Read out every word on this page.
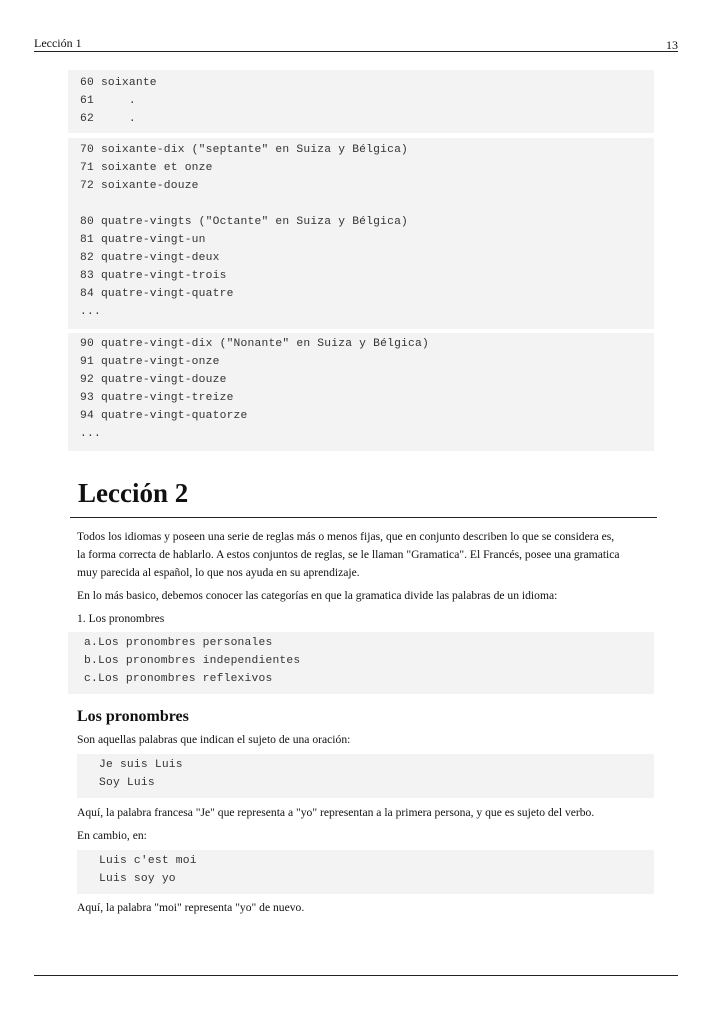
Lección 1	13
60 soixante
61     .
62     .
70 soixante-dix ("septante" en Suiza y Bélgica)
71 soixante et onze
72 soixante-douze
80 quatre-vingts ("Octante" en Suiza y Bélgica)
81 quatre-vingt-un
82 quatre-vingt-deux
83 quatre-vingt-trois
84 quatre-vingt-quatre
...
90 quatre-vingt-dix ("Nonante" en Suiza y Bélgica)
91 quatre-vingt-onze
92 quatre-vingt-douze
93 quatre-vingt-treize
94 quatre-vingt-quatorze
...
Lección 2
Todos los idiomas y poseen una serie de reglas más o menos fijas, que en conjunto describen lo que se considera es,
la forma correcta de hablarlo. A estos conjuntos de reglas, se le llaman "Gramatica". El Francés, posee una gramatica
muy parecida al español, lo que nos ayuda en su aprendizaje.
En lo más basico, debemos conocer las categorías en que la gramatica divide las palabras de un idioma:
1. Los pronombres
a.Los pronombres personales
b.Los pronombres independientes
c.Los pronombres reflexivos
Los pronombres
Son aquellas palabras que indican el sujeto de una oración:
Je suis Luis
Soy Luis
Aquí, la palabra francesa "Je" que representa a "yo" representan a la primera persona, y que es sujeto del verbo.
En cambio, en:
Luis c'est moi
Luis soy yo
Aquí, la palabra "moi" representa "yo" de nuevo.
